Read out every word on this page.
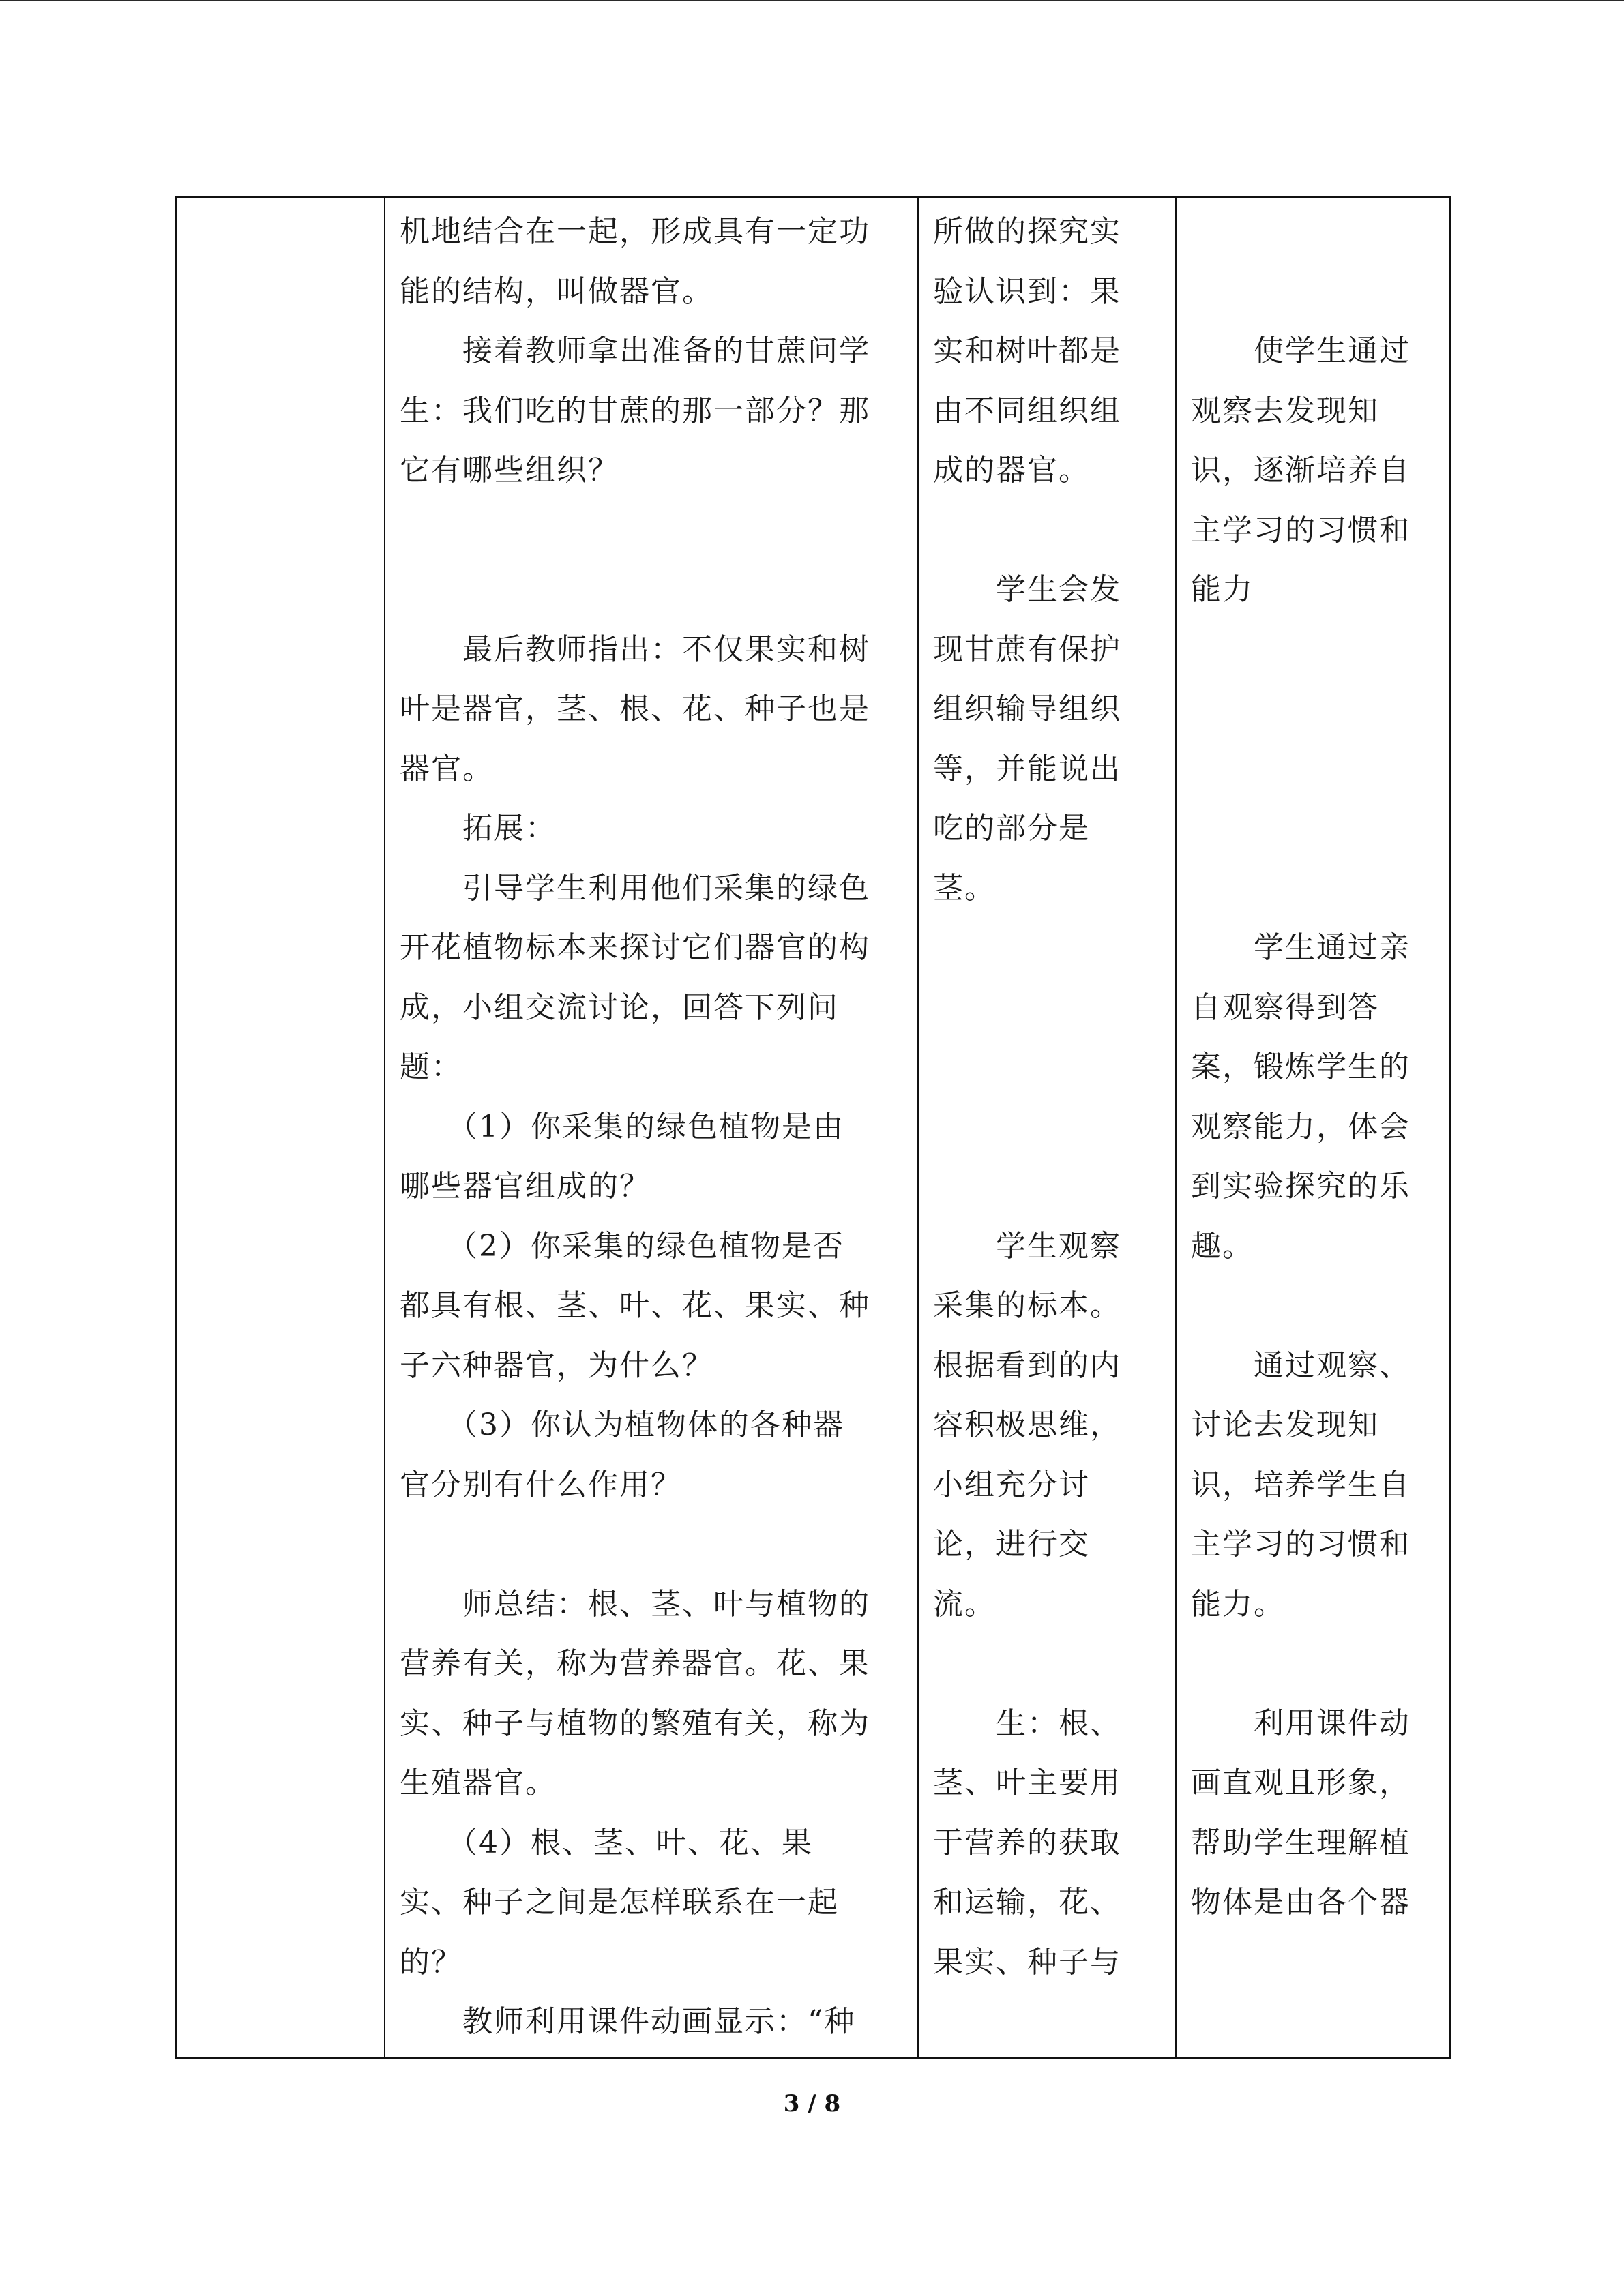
机地结合在一起，形成具有一定功
能的结构，叫做器官。

　　接着教师拿出准备的甘蔗问学
生：我们吃的甘蔗的那一部分？那
它有哪些组织？

　　最后教师指出：不仅果实和树
叶是器官，茎、根、花、种子也是
器官。

　　拓展：

　　引导学生利用他们采集的绿色
开花植物标本来探讨它们器官的构
成，小组交流讨论，回答下列问
题：

　　（1）你采集的绿色植物是由
哪些器官组成的？

　　（2）你采集的绿色植物是否
都具有根、茎、叶、花、果实、种
子六种器官，为什么？

　　（3）你认为植物体的各种器
官分别有什么作用？

　　师总结：根、茎、叶与植物的
营养有关，称为营养器官。花、果
实、种子与植物的繁殖有关，称为
生殖器官。

　　（4）根、茎、叶、花、果
实、种子之间是怎样联系在一起
的？

　　教师利用课件动画显示：“种

所做的探究实
验认识到：果
实和树叶都是
由不同组织组
成的器官。

　　学生会发
现甘蔗有保护
组织输导组织
等，并能说出
吃的部分是
茎。

　　学生观察
采集的标本。
根据看到的内
容积极思维，
小组充分讨
论，进行交
流。

　　生：根、
茎、叶主要用
于营养的获取
和运输，花、
果实、种子与

　　使学生通过
观察去发现知
识，逐渐培养自
主学习的习惯和
能力

　　学生通过亲
自观察得到答
案，锻炼学生的
观察能力，体会
到实验探究的乐
趣。

　　通过观察、
讨论去发现知
识，培养学生自
主学习的习惯和
能力。

　　利用课件动
画直观且形象，
帮助学生理解植
物体是由各个器

3 / 8
